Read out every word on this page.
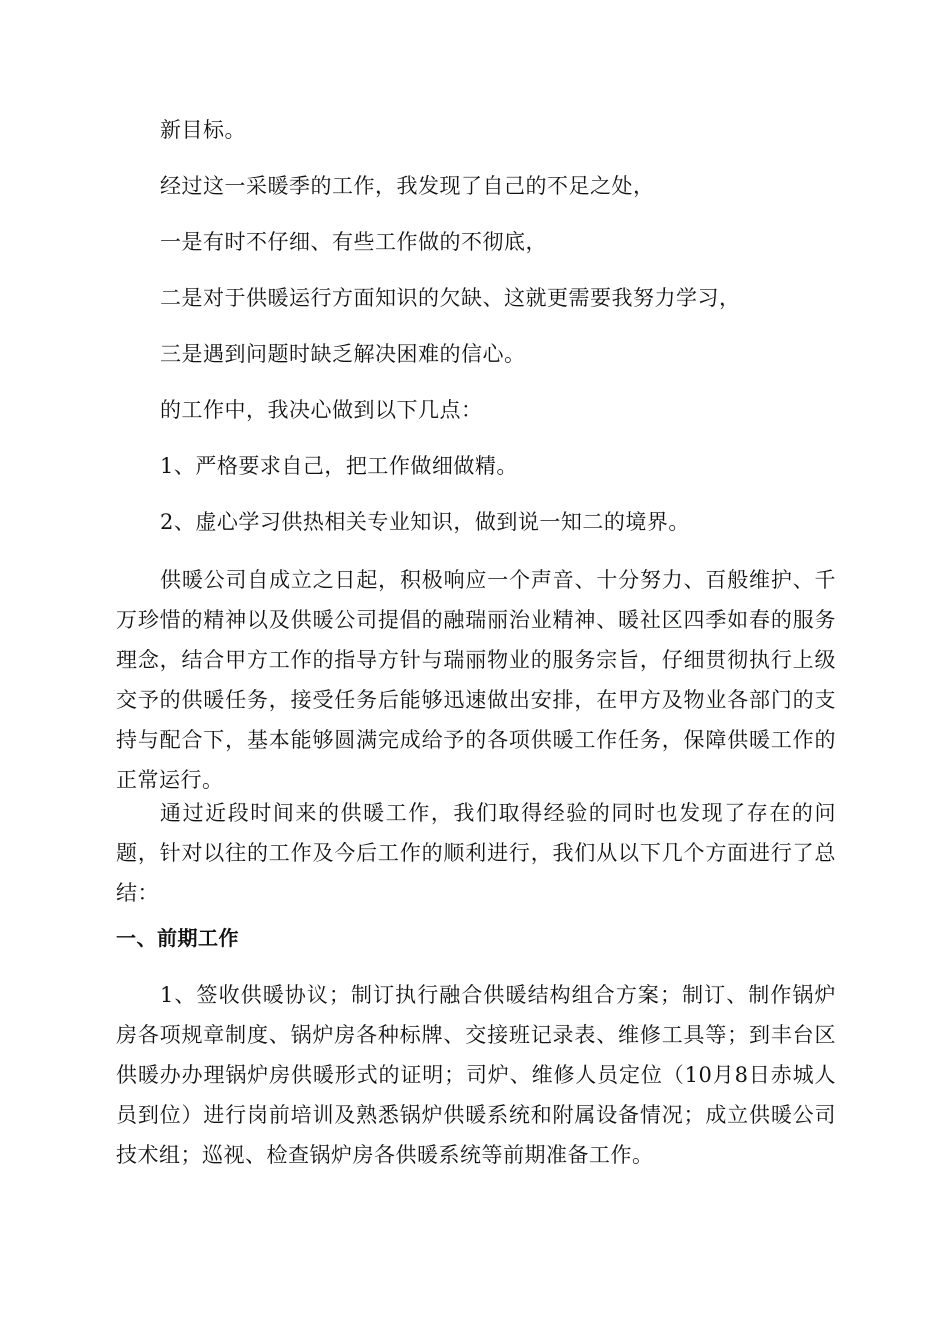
新目标。
经过这一采暖季的工作，我发现了自己的不足之处，
一是有时不仔细、有些工作做的不彻底，
二是对于供暖运行方面知识的欠缺、这就更需要我努力学习，
三是遇到问题时缺乏解决困难的信心。
的工作中，我决心做到以下几点：
1、严格要求自己，把工作做细做精。
2、虚心学习供热相关专业知识，做到说一知二的境界。
供暖公司自成立之日起，积极响应一个声音、十分努力、百般维护、千万珍惜的精神以及供暖公司提倡的融瑞丽治业精神、暖社区四季如春的服务理念，结合甲方工作的指导方针与瑞丽物业的服务宗旨，仔细贯彻执行上级交予的供暖任务，接受任务后能够迅速做出安排，在甲方及物业各部门的支持与配合下，基本能够圆满完成给予的各项供暖工作任务，保障供暖工作的正常运行。
通过近段时间来的供暖工作，我们取得经验的同时也发现了存在的问题，针对以往的工作及今后工作的顺利进行，我们从以下几个方面进行了总结：
一、前期工作
1、签收供暖协议；制订执行融合供暖结构组合方案；制订、制作锅炉房各项规章制度、锅炉房各种标牌、交接班记录表、维修工具等；到丰台区供暖办办理锅炉房供暖形式的证明；司炉、维修人员定位（10月8日赤城人员到位）进行岗前培训及熟悉锅炉供暖系统和附属设备情况；成立供暖公司技术组；巡视、检查锅炉房各供暖系统等前期准备工作。
